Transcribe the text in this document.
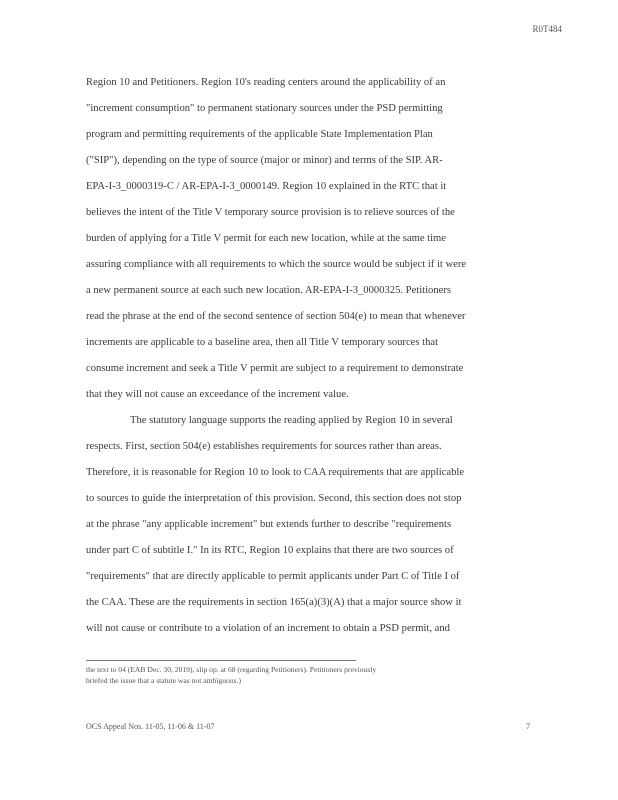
R0T484
Region 10 and Petitioners. Region 10's reading centers around the applicability of an
"increment consumption" to permanent stationary sources under the PSD permitting
program and permitting requirements of the applicable State Implementation Plan
("SIP"), depending on the type of source (major or minor) and terms of the SIP. AR-
EPA-I-3_0000319-C / AR-EPA-I-3_0000149. Region 10 explained in the RTC that it
believes the intent of the Title V temporary source provision is to relieve sources of the
burden of applying for a Title V permit for each new location, while at the same time
assuring compliance with all requirements to which the source would be subject if it were
a new permanent source at each such new location. AR-EPA-I-3_0000325. Petitioners
read the phrase at the end of the second sentence of section 504(e) to mean that whenever
increments are applicable to a baseline area, then all Title V temporary sources that
consume increment and seek a Title V permit are subject to a requirement to demonstrate
that they will not cause an exceedance of the increment value.
The statutory language supports the reading applied by Region 10 in several
respects. First, section 504(e) establishes requirements for sources rather than areas.
Therefore, it is reasonable for Region 10 to look to CAA requirements that are applicable
to sources to guide the interpretation of this provision. Second, this section does not stop
at the phrase "any applicable increment" but extends further to describe "requirements
under part C of subtitle I." In its RTC, Region 10 explains that there are two sources of
"requirements" that are directly applicable to permit applicants under Part C of Title I of
the CAA. These are the requirements in section 165(a)(3)(A) that a major source show it
will not cause or contribute to a violation of an increment to obtain a PSD permit, and
the text to 04 (EAB Dec. 30, 2019), slip op. at 68 (regarding Petitioners). Petitioners previously
briefed the issue that a statute was not ambiguous.)
OCS Appeal Nos. 11-05, 11-06 & 11-07	7
